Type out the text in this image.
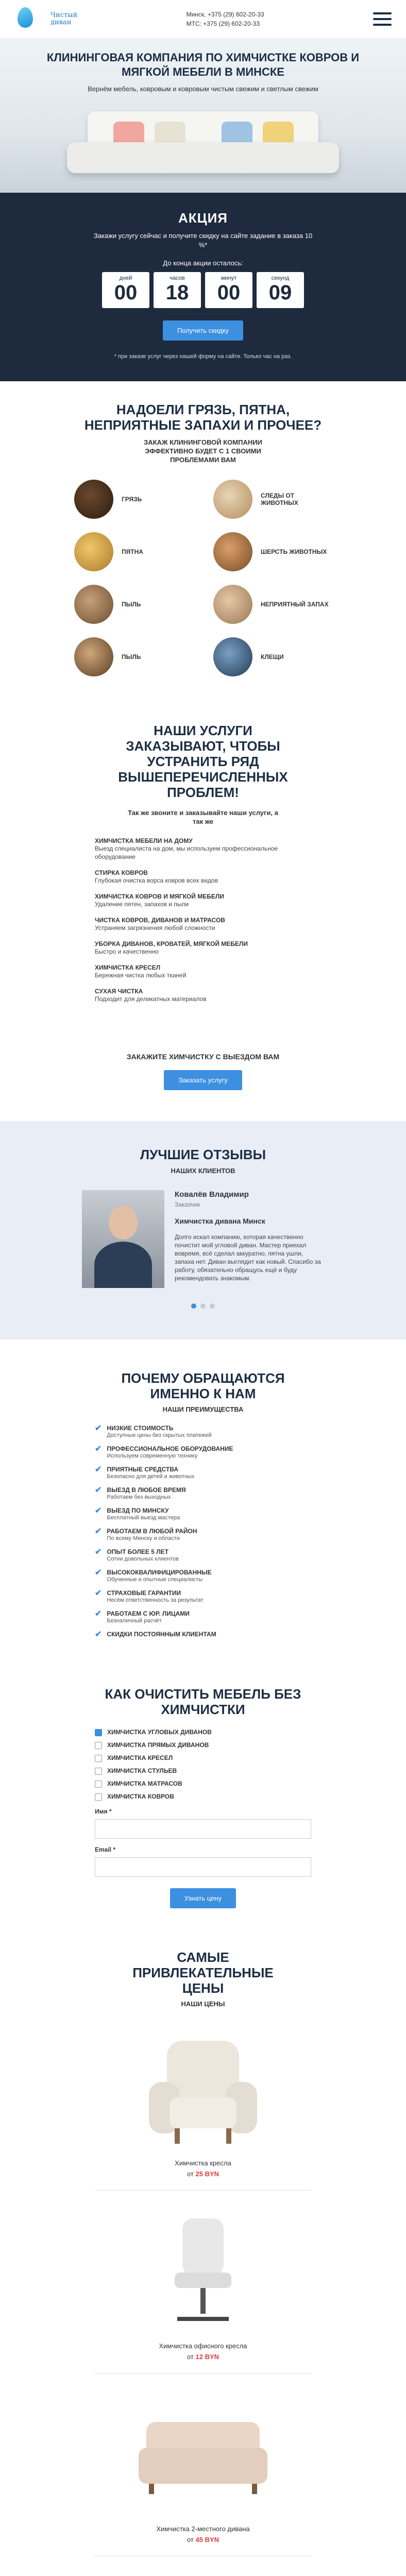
Чистый
диван
Минск, +375 (29) 602-20-33
МТС: +375 (29) 602-20-33
КЛИНИНГОВАЯ КОМПАНИЯ ПО ХИМЧИСТКЕ КОВРОВ И МЯГКОЙ МЕБЕЛИ В МИНСКЕ
Вернём мебель, ковровым и ковровым чистым свежим и светлым свежим
АКЦИЯ
Закажи услугу сейчас и получите скидку на сайте задание в заказа 10 %*
До конца акции осталось:
дней
00
часов
18
минут
00
секунд
09
Получить скидку
* при заказе услуг через нашей форму на сайте. Только час на раз.
НАДОЕЛИ ГРЯЗЬ, ПЯТНА, НЕПРИЯТНЫЕ ЗАПАХИ И ПРОЧЕЕ?
ЗАКАЖ КЛИНИНГОВОЙ КОМПАНИИ ЭФФЕКТИВНО БУДЕТ С 1 СВОИМИ ПРОБЛЕМАМИ ВАМ
ГРЯЗЬ	СЛЕДЫ ОТ ЖИВОТНЫХ
ПЯТНА	ШЕРСТЬ ЖИВОТНЫХ
ПЫЛЬ	НЕПРИЯТНЫЙ ЗАПАХ
ПЫЛЬ	КЛЕЩИ
НАШИ УСЛУГИ ЗАКАЗЫВАЮТ, ЧТОБЫ УСТРАНИТЬ РЯД ВЫШЕПЕРЕЧИСЛЕННЫХ ПРОБЛЕМ!
Так же звоните и заказывайте наши услуги, а так же
ХИМЧИСТКА МЕБЕЛИ НА ДОМУ
Выезд специалиста на дом, мы используем профессиональное оборудование
СТИРКА КОВРОВ
Глубокая очистка ворса ковров всех видов
ХИМЧИСТКА КОВРОВ И МЯГКОЙ МЕБЕЛИ
Удаление пятен, запахов и пыли
ЧИСТКА КОВРОВ, ДИВАНОВ И МАТРАСОВ
Устраняем загрязнения любой сложности
УБОРКА ДИВАНОВ, КРОВАТЕЙ, МЯГКОЙ МЕБЕЛИ
Быстро и качественно
ХИМЧИСТКА КРЕСЕЛ
Бережная чистка любых тканей
СУХАЯ ЧИСТКА
Подходит для деликатных материалов
ЗАКАЖИТЕ ХИМЧИСТКУ С ВЫЕЗДОМ ВАМ
Заказать услугу
ЛУЧШИЕ ОТЗЫВЫ
НАШИХ КЛИЕНТОВ
Ковалёв Владимир
Заказчик
Химчистка дивана Минск
Долго искал компанию, которая качественно почистит мой угловой диван. Мастер приехал вовремя, всё сделал аккуратно, пятна ушли, запаха нет. Диван выглядит как новый. Спасибо за работу, обязательно обращусь ещё и буду рекомендовать знакомым.
ПОЧЕМУ ОБРАЩАЮТСЯ ИМЕННО К НАМ
НАШИ ПРЕИМУЩЕСТВА
✔ НИЗКИЕ СТОИМОСТЬ
Доступные цены без скрытых платежей
✔ ПРОФЕССИОНАЛЬНОЕ ОБОРУДОВАНИЕ
Используем современную технику
✔ ПРИЯТНЫЕ СРЕДСТВА
Безопасно для детей и животных
✔ ВЫЕЗД В ЛЮБОЕ ВРЕМЯ
Работаем без выходных
✔ ВЫЕЗД ПО МИНСКУ
Бесплатный выезд мастера
✔ РАБОТАЕМ В ЛЮБОЙ РАЙОН
По всему Минску и области
✔ ОПЫТ БОЛЕЕ 5 ЛЕТ
Сотни довольных клиентов
✔ ВЫСОКОКВАЛИФИЦИРОВАННЫЕ
Обученные и опытные специалисты
✔ СТРАХОВЫЕ ГАРАНТИИ
Несём ответственность за результат
✔ РАБОТАЕМ С ЮР. ЛИЦАМИ
Безналичный расчёт
✔ СКИДКИ ПОСТОЯННЫМ КЛИЕНТАМ
КАК ОЧИСТИТЬ МЕБЕЛЬ БЕЗ ХИМЧИСТКИ
ХИМЧИСТКА УГЛОВЫХ ДИВАНОВ
ХИМЧИСТКА ПРЯМЫХ ДИВАНОВ
ХИМЧИСТКА КРЕСЕЛ
ХИМЧИСТКА СТУЛЬЕВ
ХИМЧИСТКА МАТРАСОВ
ХИМЧИСТКА КОВРОВ
Имя *
Email *
Узнать цену
САМЫЕ ПРИВЛЕКАТЕЛЬНЫЕ ЦЕНЫ
НАШИ ЦЕНЫ
Химчистка кресла
от 25 BYN
Химчистка офисного кресла
от 12 BYN
Химчистка 2-местного дивана
от 45 BYN
